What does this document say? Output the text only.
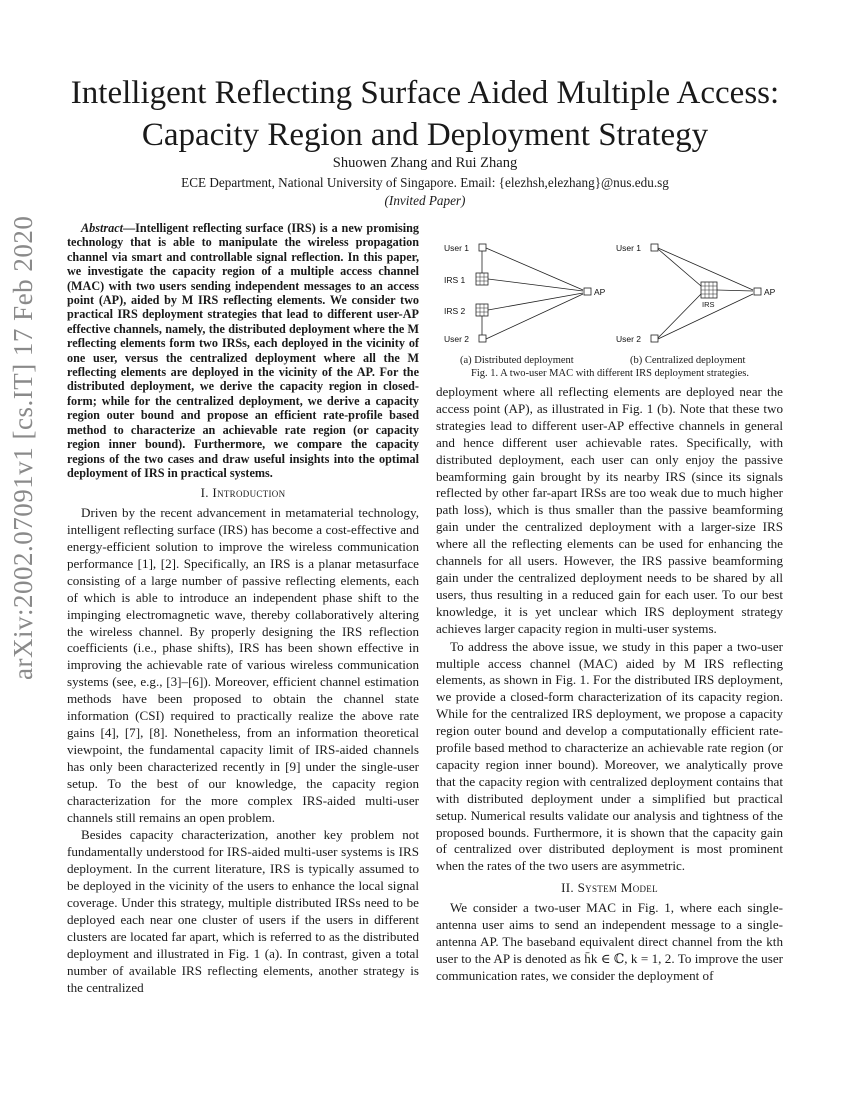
Intelligent Reflecting Surface Aided Multiple Access: Capacity Region and Deployment Strategy
Shuowen Zhang and Rui Zhang
ECE Department, National University of Singapore. Email: {elezhsh,elezhang}@nus.edu.sg
(Invited Paper)
arXiv:2002.07091v1 [cs.IT] 17 Feb 2020	Abstract—Intelligent reflecting surface (IRS) is a new promising technology that is able to manipulate the wireless propagation channel via smart and controllable signal reflection. In this paper, we investigate the capacity region of a multiple access channel (MAC) with two users sending independent messages to an access point (AP), aided by M IRS reflecting elements. We consider two practical IRS deployment strategies that lead to different user-AP effective channels, namely, the distributed deployment where the M reflecting elements form two IRSs, each deployed in the vicinity of one user, versus the centralized deployment where all the M reflecting elements are deployed in the vicinity of the AP. For the distributed deployment, we derive the capacity region in closed-form; while for the centralized deployment, we derive a capacity region outer bound and propose an efficient rate-profile based method to characterize an achievable rate region (or capacity region inner bound). Furthermore, we compare the capacity regions of the two cases and draw useful insights into the optimal deployment of IRS in practical systems.
I. Introduction

Driven by the recent advancement in metamaterial technology, intelligent reflecting surface (IRS) has become a cost-effective and energy-efficient solution to improve the wireless communication performance [1], [2]. Specifically, an IRS is a planar metasurface consisting of a large number of passive reflecting elements, each of which is able to introduce an independent phase shift to the impinging electromagnetic wave, thereby collaboratively altering the wireless channel. By properly designing the IRS reflection coefficients (i.e., phase shifts), IRS has been shown effective in improving the achievable rate of various wireless communication systems (see, e.g., [3]–[6]). Moreover, efficient channel estimation methods have been proposed to obtain the channel state information (CSI) required to practically realize the above rate gains [4], [7], [8]. Nonetheless, from an information theoretical viewpoint, the fundamental capacity limit of IRS-aided channels has only been characterized recently in [9] under the single-user setup. To the best of our knowledge, the capacity region characterization for the more complex IRS-aided multi-user channels still remains an open problem.

Besides capacity characterization, another key problem not fundamentally understood for IRS-aided multi-user systems is IRS deployment. In the current literature, IRS is typically assumed to be deployed in the vicinity of the users to enhance the local signal coverage. Under this strategy, multiple distributed IRSs need to be deployed each near one cluster of users if the users in different clusters are located far apart, which is referred to as the distributed deployment and illustrated in Fig. 1 (a). In contrast, given a total number of available IRS reflecting elements, another strategy is the centralized

User 1
IRS 1
IRS 2
User 2
AP
User 1
User 2
IRS
AP
(a) Distributed deployment	(b) Centralized deployment
Fig. 1. A two-user MAC with different IRS deployment strategies.

deployment where all reflecting elements are deployed near the access point (AP), as illustrated in Fig. 1 (b). Note that these two strategies lead to different user-AP effective channels in general and hence different user achievable rates. Specifically, with distributed deployment, each user can only enjoy the passive beamforming gain brought by its nearby IRS (since its signals reflected by other far-apart IRSs are too weak due to much higher path loss), which is thus smaller than the passive beamforming gain under the centralized deployment with a larger-size IRS where all the reflecting elements can be used for enhancing the channels for all users. However, the IRS passive beamforming gain under the centralized deployment needs to be shared by all users, thus resulting in a reduced gain for each user. To our best knowledge, it is yet unclear which IRS deployment strategy achieves larger capacity region in multi-user systems.

To address the above issue, we study in this paper a two-user multiple access channel (MAC) aided by M IRS reflecting elements, as shown in Fig. 1. For the distributed IRS deployment, we provide a closed-form characterization of its capacity region. While for the centralized IRS deployment, we propose a capacity region outer bound and develop a computationally efficient rate-profile based method to characterize an achievable rate region (or capacity region inner bound). Moreover, we analytically prove that the capacity region with centralized deployment contains that with distributed deployment under a simplified but practical setup. Numerical results validate our analysis and tightness of the proposed bounds. Furthermore, it is shown that the capacity gain of centralized over distributed deployment is most prominent when the rates of the two users are asymmetric.

II. System Model

We consider a two-user MAC in Fig. 1, where each single-antenna user aims to send an independent message to a single-antenna AP. The baseband equivalent direct channel from the kth user to the AP is denoted as h̄k ∈ ℂ, k = 1, 2. To improve the user communication rates, we consider the deployment of
